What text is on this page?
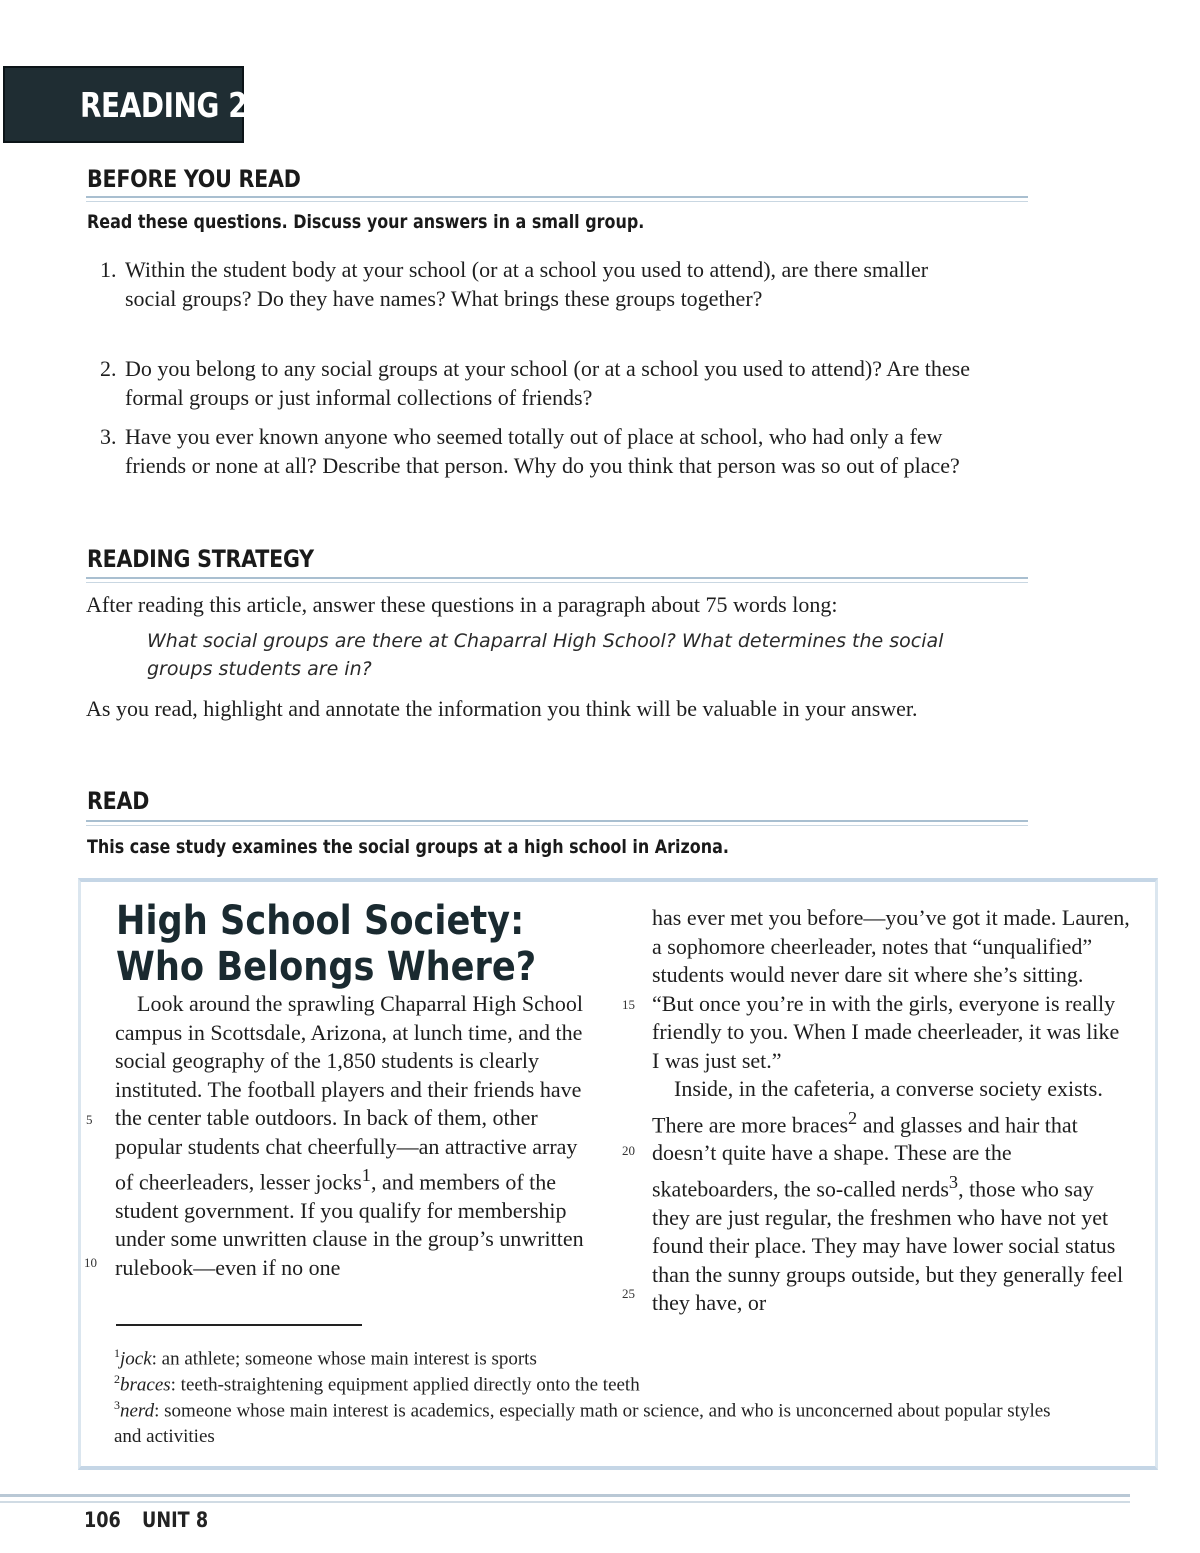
READING 2
BEFORE YOU READ
Read these questions. Discuss your answers in a small group.
1. Within the student body at your school (or at a school you used to attend), are there smaller social groups? Do they have names? What brings these groups together?
2. Do you belong to any social groups at your school (or at a school you used to attend)? Are these formal groups or just informal collections of friends?
3. Have you ever known anyone who seemed totally out of place at school, who had only a few friends or none at all? Describe that person. Why do you think that person was so out of place?
READING STRATEGY
After reading this article, answer these questions in a paragraph about 75 words long:
What social groups are there at Chaparral High School? What determines the social groups students are in?
As you read, highlight and annotate the information you think will be valuable in your answer.
READ
This case study examines the social groups at a high school in Arizona.
High School Society:
Who Belongs Where?

Look around the sprawling Chaparral High School campus in Scottsdale, Arizona, at lunch time, and the social geography of the 1,850 students is clearly instituted. The football players and their friends have the center table outdoors. In back of them, other popular students chat cheerfully—an attractive array of cheerleaders, lesser jocks$^1$, and members of the student government. If you qualify for membership under some unwritten clause in the group’s unwritten rulebook—even if no one

5
10

has ever met you before—you’ve got it made. Lauren, a sophomore cheerleader, notes that “unqualified” students would never dare sit where she’s sitting. “But once you’re in with the girls, everyone is really friendly to you. When I made cheerleader, it was like I was just set.”

Inside, in the cafeteria, a converse society exists. There are more braces$^2$ and glasses and hair that doesn’t quite have a shape. These are the skateboarders, the so-called nerds$^3$, those who say they are just regular, the freshmen who have not yet found their place. They may have lower social status than the sunny groups outside, but they generally feel they have, or

15
20
25
$^1$jock: an athlete; someone whose main interest is sports
$^2$braces: teeth-straightening equipment applied directly onto the teeth
$^3$nerd: someone whose main interest is academics, especially math or science, and who is unconcerned about popular styles and activities
106 UNIT 8
